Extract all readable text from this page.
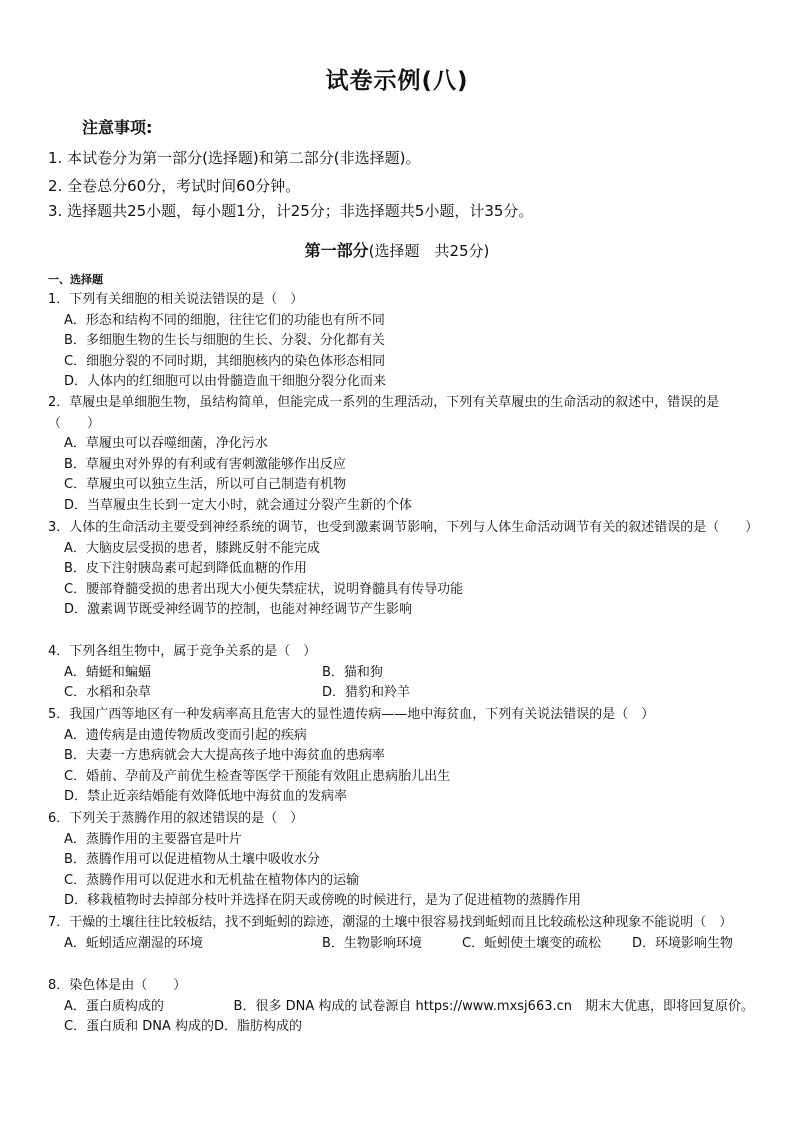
试卷示例(八)
注意事项:
1. 本试卷分为第一部分(选择题)和第二部分(非选择题)。
2. 全卷总分60分，考试时间60分钟。
3. 选择题共25小题，每小题1分，计25分；非选择题共5小题，计35分。
第一部分(选择题　共25分)
一、选择题

1．下列有关细胞的相关说法错误的是（　）

A．形态和结构不同的细胞，往往它们的功能也有所不同

B．多细胞生物的生长与细胞的生长、分裂、分化都有关

C．细胞分裂的不同时期，其细胞核内的染色体形态相同

D．人体内的红细胞可以由骨髓造血干细胞分裂分化而来

2．草履虫是单细胞生物，虽结构简单，但能完成一系列的生理活动，下列有关草履虫的生命活动的叙述中，错误的是（　　）

A．草履虫可以吞噬细菌，净化污水

B．草履虫对外界的有利或有害刺激能够作出反应

C．草履虫可以独立生活，所以可自己制造有机物

D．当草履虫生长到一定大小时，就会通过分裂产生新的个体

3．人体的生命活动主要受到神经系统的调节，也受到激素调节影响，下列与人体生命活动调节有关的叙述错误的是（　　）

A．大脑皮层受损的患者，膝跳反射不能完成

B．皮下注射胰岛素可起到降低血糖的作用

C．腰部脊髓受损的患者出现大小便失禁症状，说明脊髓具有传导功能

D．激素调节既受神经调节的控制，也能对神经调节产生影响

4．下列各组生物中，属于竞争关系的是（　）

A．蜻蜓和蝙蝠	B．猫和狗
C．水稻和杂草	D．猎豹和羚羊

5．我国广西等地区有一种发病率高且危害大的显性遗传病——地中海贫血，下列有关说法错误的是（　）

A．遗传病是由遗传物质改变而引起的疾病

B．夫妻一方患病就会大大提高孩子地中海贫血的患病率

C．婚前、孕前及产前优生检查等医学干预能有效阻止患病胎儿出生

D．禁止近亲结婚能有效降低地中海贫血的发病率

6．下列关于蒸腾作用的叙述错误的是（　）

A．蒸腾作用的主要器官是叶片

B．蒸腾作用可以促进植物从土壤中吸收水分

C．蒸腾作用可以促进水和无机盐在植物体内的运输

D．移栽植物时去掉部分枝叶并选择在阴天或傍晚的时候进行，是为了促进植物的蒸腾作用

7．干燥的土壤往往比较板结，找不到蚯蚓的踪迹，潮湿的土壤中很容易找到蚯蚓而且比较疏松这种现象不能说明（　）

A．蚯蚓适应潮湿的环境	B．生物影响环境	C．蚯蚓使土壤变的疏松	D．环境影响生物

8．染色体是由（　　）

A．蛋白质构成的	B．很多 DNA 构成的 试卷源自 https://www.mxsj663.cn　期末大优惠，即将回复原价。
C．蛋白质和 DNA 构成的 D．脂肪构成的
